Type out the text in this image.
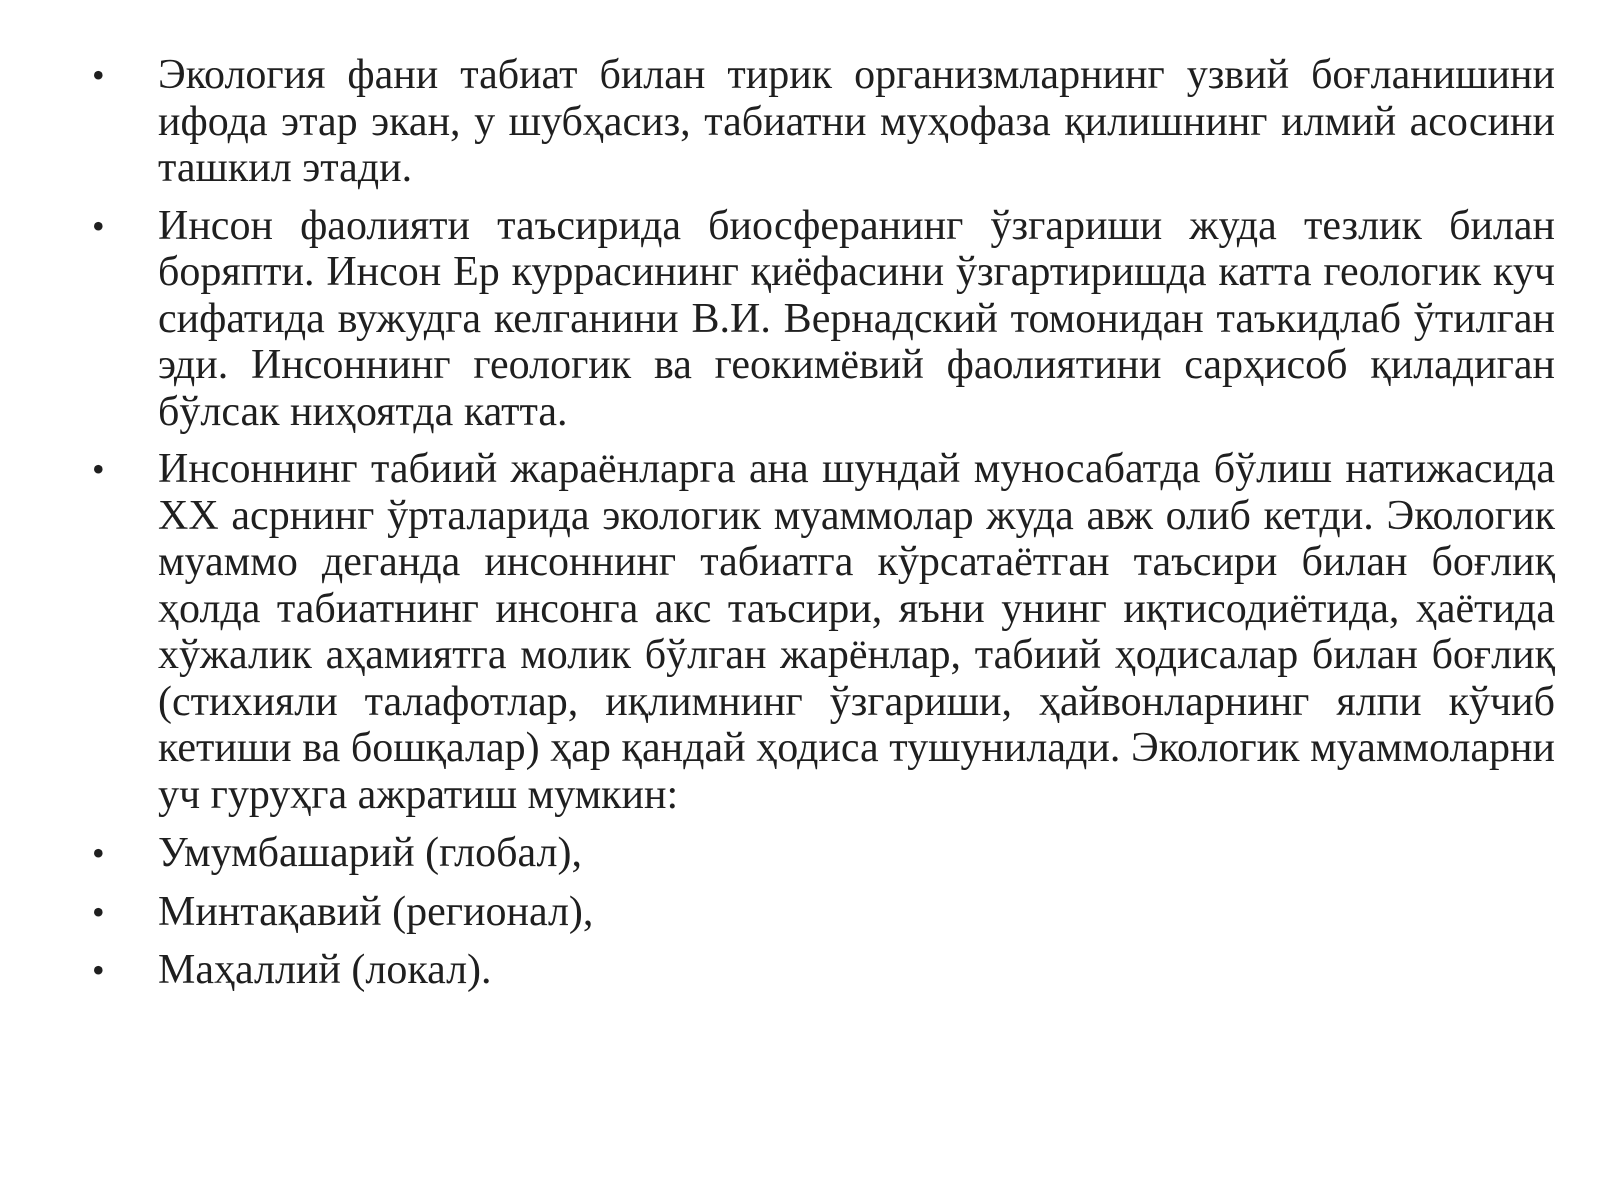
• Экология фани табиат билан тирик организмларнинг узвий боғланишини ифода этар экан, у шубҳасиз, табиатни муҳофаза қилишнинг илмий асосини ташкил этади.
• Инсон фаолияти таъсирида биосферанинг ўзгариши жуда тезлик билан боряпти. Инсон Ер куррасининг қиёфасини ўзгартиришда катта геологик куч сифатида вужудга келганини В.И. Вернадский томонидан таъкидлаб ўтилган эди. Инсоннинг геологик ва геокимёвий фаолиятини сарҳисоб қиладиган бўлсак ниҳоятда катта.
• Инсоннинг табиий жараёнларга ана шундай муносабатда бўлиш натижасида XX асрнинг ўрталарида экологик муаммолар жуда авж олиб кетди. Экологик муаммо деганда инсоннинг табиатга кўрсатаётган таъсири билан боғлиқ ҳолда табиатнинг инсонга акс таъсири, яъни унинг иқтисодиётида, ҳаётида хўжалик аҳамиятга молик бўлган жарёнлар, табиий ҳодисалар билан боғлиқ (стихияли талафотлар, иқлимнинг ўзгариши, ҳайвонларнинг ялпи кўчиб кетиши ва бошқалар) ҳар қандай ҳодиса тушунилади. Экологик муаммоларни уч гуруҳга ажратиш мумкин:
• Умумбашарий (глобал),
• Минтақавий (регионал),
• Маҳаллий (локал).
